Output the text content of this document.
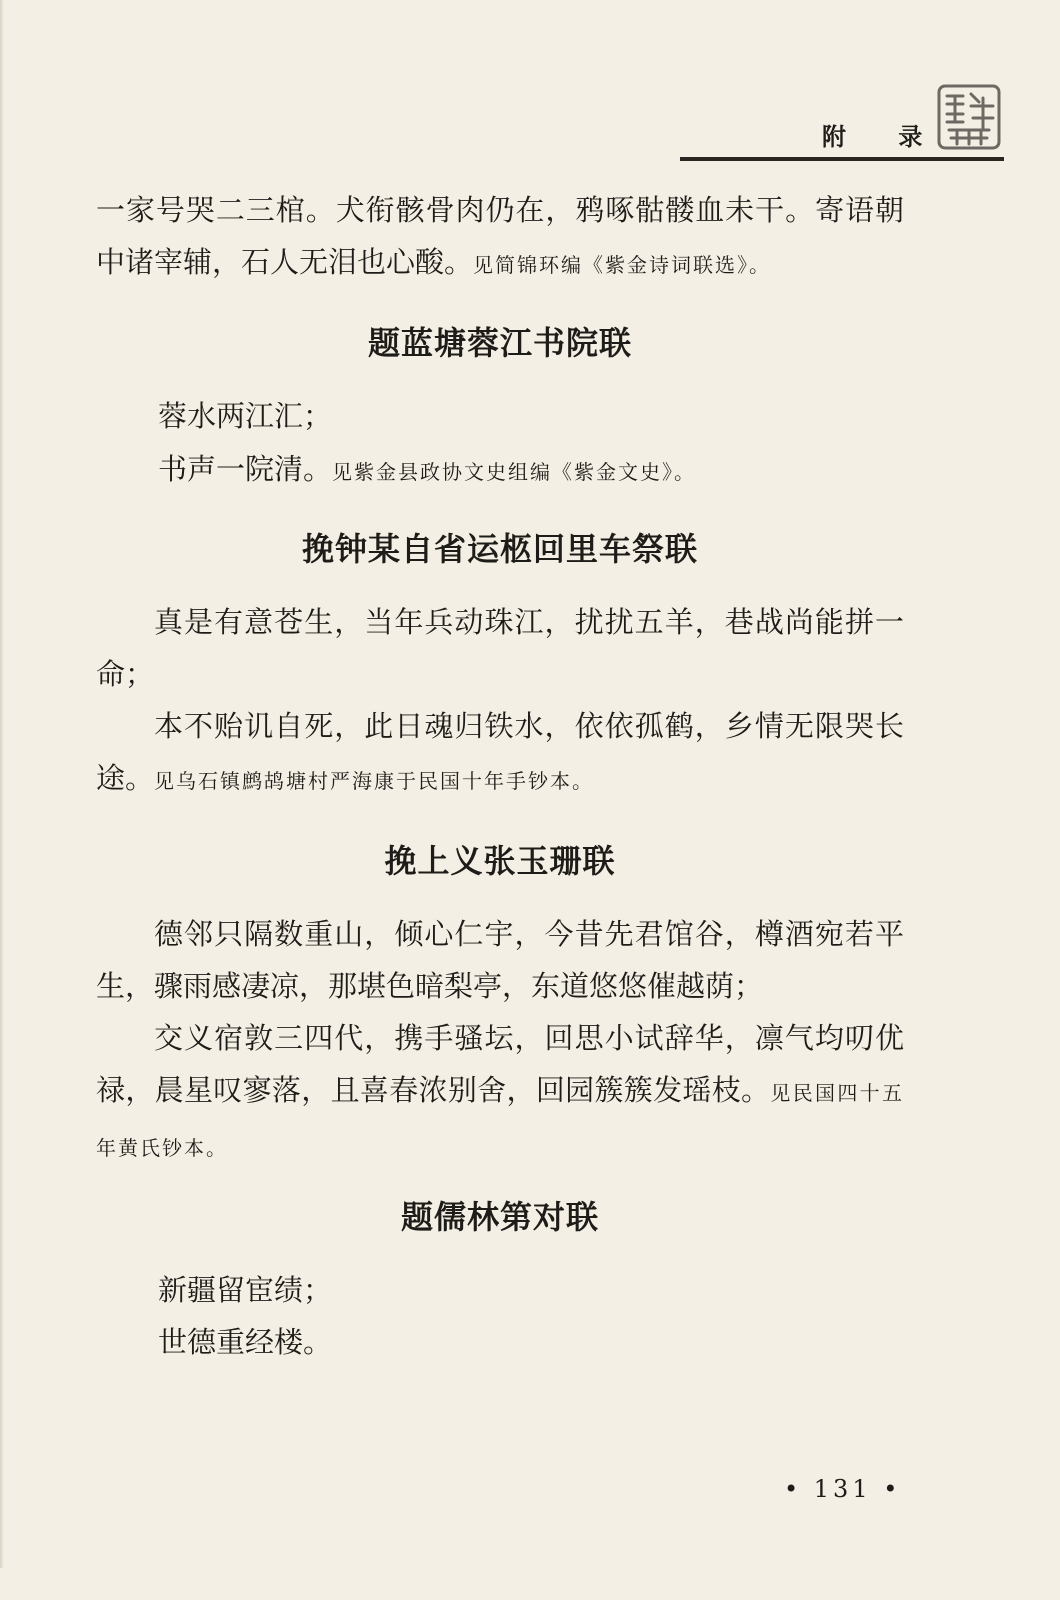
附 录
一家号哭二三棺。犬衔骸骨肉仍在，鸦啄骷髅血未干。寄语朝中诸宰辅，石人无泪也心酸。见简锦环编《紫金诗词联选》。
题蓝塘蓉江书院联
蓉水两江汇；
书声一院清。见紫金县政协文史组编《紫金文史》。
挽钟某自省运柩回里车祭联
真是有意苍生，当年兵动珠江，扰扰五羊，巷战尚能拼一命；
本不贻讥自死，此日魂归铁水，依依孤鹤，乡情无限哭长途。见乌石镇鹧鸪塘村严海康于民国十年手钞本。
挽上义张玉珊联
德邻只隔数重山，倾心仁宇，今昔先君馆谷，樽酒宛若平生，骤雨感凄凉，那堪色暗梨亭，东道悠悠催越荫；
交义宿敦三四代，携手骚坛，回思小试辞华，凛气均叨优禄，晨星叹寥落，且喜春浓别舍，回园簇簇发瑶枝。见民国四十五年黄氏钞本。
题儒林第对联
新疆留宦绩；
世德重经楼。
• 131 •
